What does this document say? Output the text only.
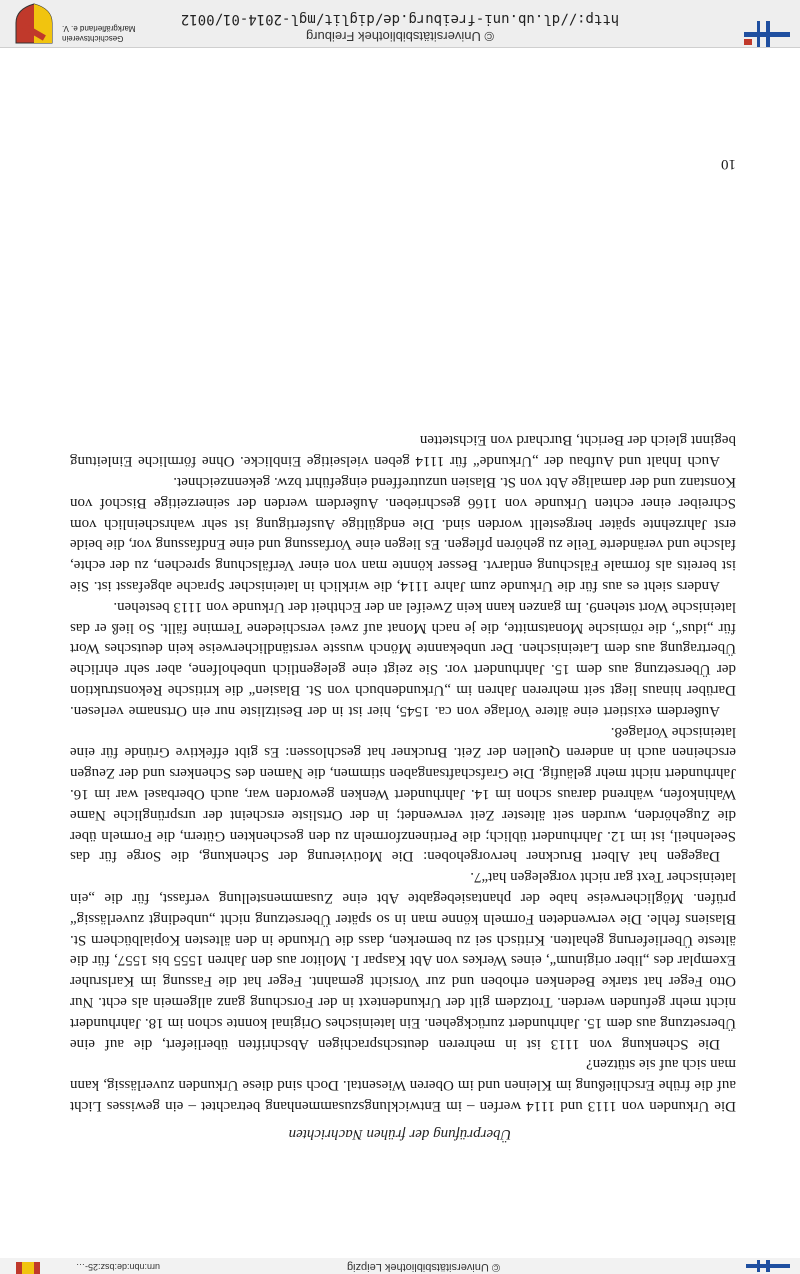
© Universitätsbibliothek Leipzig
urn:nbn:de:bsz:25-…
Überprüfung der frühen Nachrichten

Die Urkunden von 1113 und 1114 werfen – im Entwicklungszusammenhang betrachtet – ein gewisses Licht auf die frühe Erschließung im Kleinen und im Oberen Wiesental. Doch sind diese Urkunden zuverlässig, kann man sich auf sie stützen?

Die Schenkung von 1113 ist in mehreren deutschsprachigen Abschriften überliefert, die auf eine Übersetzung aus dem 15. Jahrhundert zurückgehen. Ein lateinisches Original konnte schon im 18. Jahrhundert nicht mehr gefunden werden. Trotzdem gilt der Urkundentext in der Forschung ganz allgemein als echt. Nur Otto Feger hat starke Bedenken erhoben und zur Vorsicht gemahnt. Feger hat die Fassung im Karlsruher Exemplar des „liber originum“, eines Werkes von Abt Kaspar I. Molitor aus den Jahren 1555 bis 1557, für die älteste Überlieferung gehalten. Kritisch sei zu bemerken, dass die Urkunde in den ältesten Kopialbüchern St. Blasiens fehle. Die verwendeten Formeln könne man in so später Übersetzung nicht „unbedingt zuverlässig“ prüfen. Möglicherweise habe der phantasiebegabte Abt eine Zusammenstellung verfasst, für die „ein lateinischer Text gar nicht vorgelegen hat“7.

Dagegen hat Albert Bruckner hervorgehoben: Die Motivierung der Schenkung, die Sorge für das Seelenheil, ist im 12. Jahrhundert üblich; die Pertinenzformeln zu den geschenkten Gütern, die Formeln über die Zugehörden, wurden seit ältester Zeit verwendet; in der Ortsliste erscheint der ursprüngliche Name Wahinkofen, während daraus schon im 14. Jahrhundert Wenken geworden war, auch Oberbasel war im 16. Jahrhundert nicht mehr geläufig. Die Grafschaftsangaben stimmen, die Namen des Schenkers und der Zeugen erscheinen auch in anderen Quellen der Zeit. Bruckner hat geschlossen: Es gibt effektive Gründe für eine lateinische Vorlage8.

Außerdem existiert eine ältere Vorlage von ca. 1545, hier ist in der Besitzliste nur ein Ortsname verlesen. Darüber hinaus liegt seit mehreren Jahren im „Urkundenbuch von St. Blasien“ die kritische Rekonstruktion der Übersetzung aus dem 15. Jahrhundert vor. Sie zeigt eine gelegentlich unbeholfene, aber sehr ehrliche Übertragung aus dem Lateinischen. Der unbekannte Mönch wusste verständlicherweise kein deutsches Wort für „idus“, die römische Monatsmitte, die je nach Monat auf zwei verschiedene Termine fällt. So ließ er das lateinische Wort stehen9. Im ganzen kann kein Zweifel an der Echtheit der Urkunde von 1113 bestehen.

Anders sieht es aus für die Urkunde zum Jahre 1114, die wirklich in lateinischer Sprache abgefasst ist. Sie ist bereits als formale Fälschung entlarvt. Besser könnte man von einer Verfälschung sprechen, zu der echte, falsche und veränderte Teile zu gehören pflegen. Es liegen eine Vorfassung und eine Endfassung vor, die beide erst Jahrzehnte später hergestellt worden sind. Die endgültige Ausfertigung ist sehr wahrscheinlich vom Schreiber einer echten Urkunde von 1166 geschrieben. Außerdem werden der seinerzeitige Bischof von Konstanz und der damalige Abt von St. Blasien unzutreffend eingeführt bzw. gekennzeichnet.

Auch Inhalt und Aufbau der „Urkunde“ für 1114 geben vielseitige Einblicke. Ohne förmliche Einleitung beginnt gleich der Bericht, Burchard von Eichstetten

10
© Universitätsbibliothek Freiburg
http://dl.ub.uni-freiburg.de/diglit/mgl-2014-01/0012
Geschichtsverein
Markgräflerland e. V.
